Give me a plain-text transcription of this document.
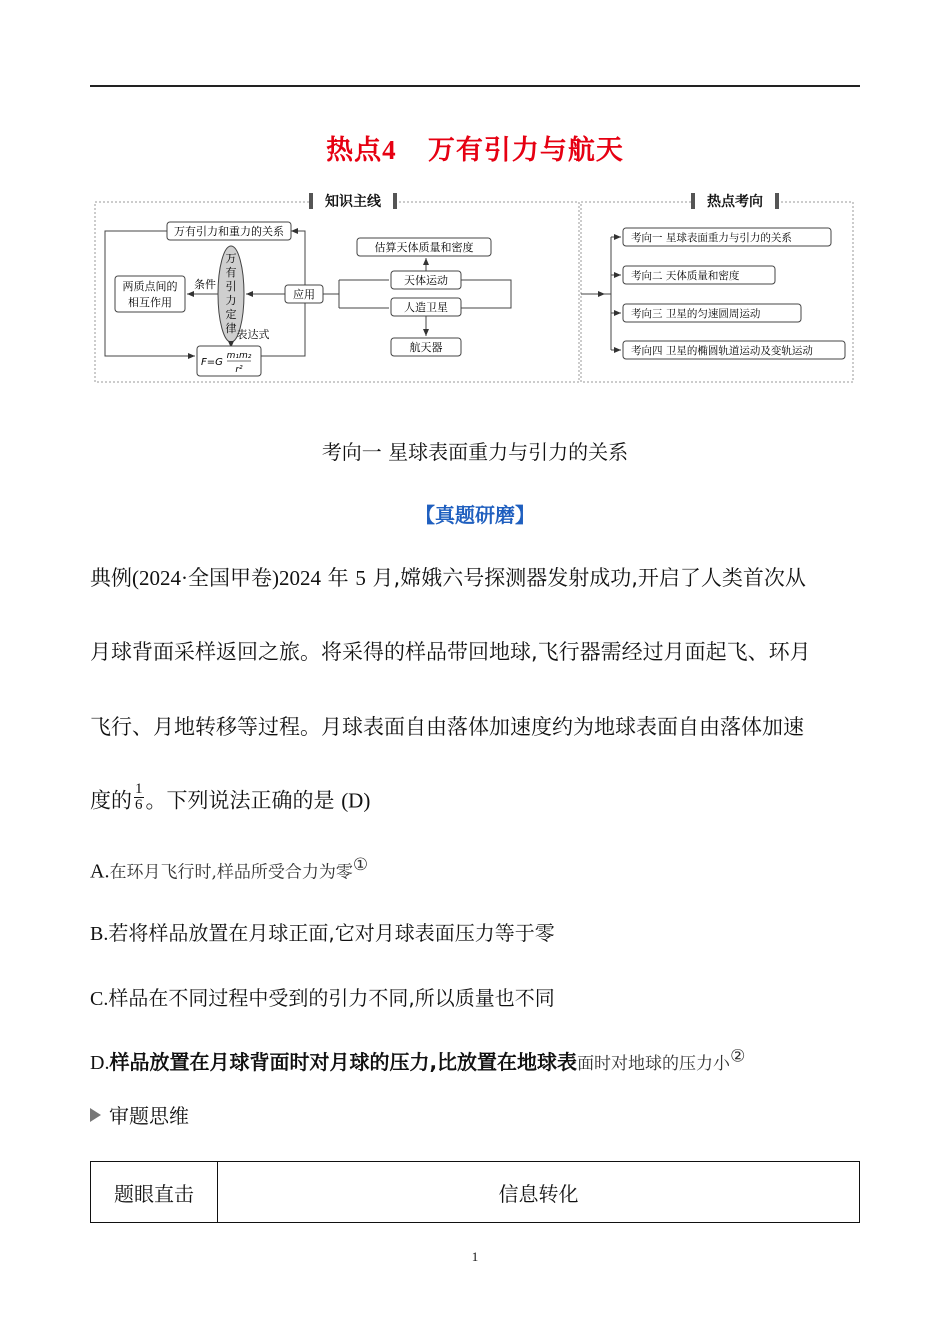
热点4 万有引力与航天
知识主线	热点考向
万有引力和重力的关系
两质点间的
相互作用
条件
万
有
引
力
定
律 表达式
F=G
m₁m₂
r²
应用
估算天体质量和密度
天体运动
人造卫星
航天器
考向一 星球表面重力与引力的关系
考向二 天体质量和密度
考向三 卫星的匀速圆周运动
考向四 卫星的椭圆轨道运动及变轨运动
考向一 星球表面重力与引力的关系
【真题研磨】
典例(2024·全国甲卷)2024 年 5 月,嫦娥六号探测器发射成功,开启了人类首次从
月球背面采样返回之旅。将采得的样品带回地球,飞行器需经过月面起飞、环月
飞行、月地转移等过程。月球表面自由落体加速度约为地球表面自由落体加速
度的 $\frac{1}{6}$ 。下列说法正确的是 (D)
A.在环月飞行时,样品所受合力为零①
B.若将样品放置在月球正面,它对月球表面压力等于零
C.样品在不同过程中受到的引力不同,所以质量也不同
D.样品放置在月球背面时对月球的压力,比放置在地球表面时对地球的压力小②
审题思维
题眼直击	信息转化
1
